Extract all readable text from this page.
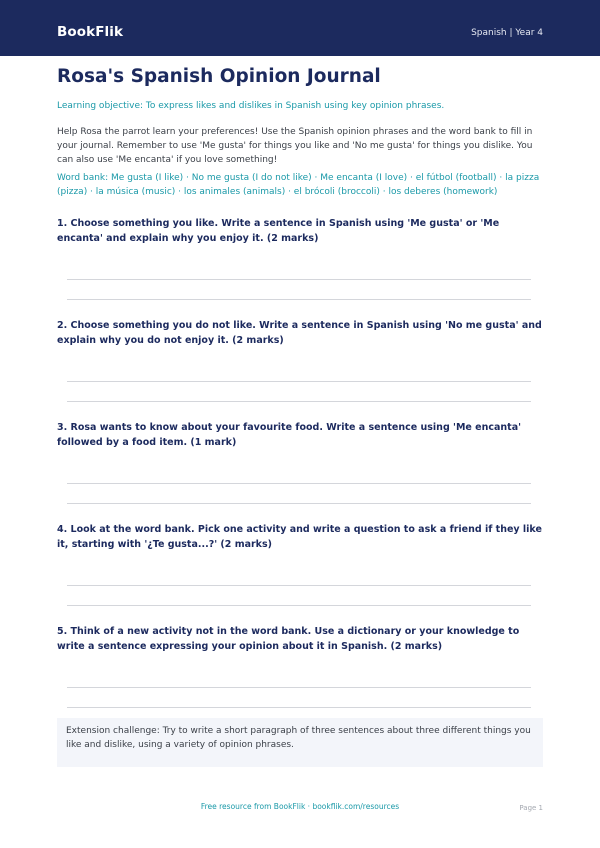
BookFlik	Spanish | Year 4
Rosa's Spanish Opinion Journal
Learning objective: To express likes and dislikes in Spanish using key opinion phrases.
Help Rosa the parrot learn your preferences! Use the Spanish opinion phrases and the word bank to fill in your journal. Remember to use 'Me gusta' for things you like and 'No me gusta' for things you dislike. You can also use 'Me encanta' if you love something!
Word bank: Me gusta (I like) · No me gusta (I do not like) · Me encanta (I love) · el fútbol (football) · la pizza (pizza) · la música (music) · los animales (animals) · el brócoli (broccoli) · los deberes (homework)
1. Choose something you like. Write a sentence in Spanish using 'Me gusta' or 'Me encanta' and explain why you enjoy it. (2 marks)
2. Choose something you do not like. Write a sentence in Spanish using 'No me gusta' and explain why you do not enjoy it. (2 marks)
3. Rosa wants to know about your favourite food. Write a sentence using 'Me encanta' followed by a food item. (1 mark)
4. Look at the word bank. Pick one activity and write a question to ask a friend if they like it, starting with '¿Te gusta...?' (2 marks)
5. Think of a new activity not in the word bank. Use a dictionary or your knowledge to write a sentence expressing your opinion about it in Spanish. (2 marks)
Extension challenge: Try to write a short paragraph of three sentences about three different things you like and dislike, using a variety of opinion phrases.
Free resource from BookFlik · bookflik.com/resources	Page 1
